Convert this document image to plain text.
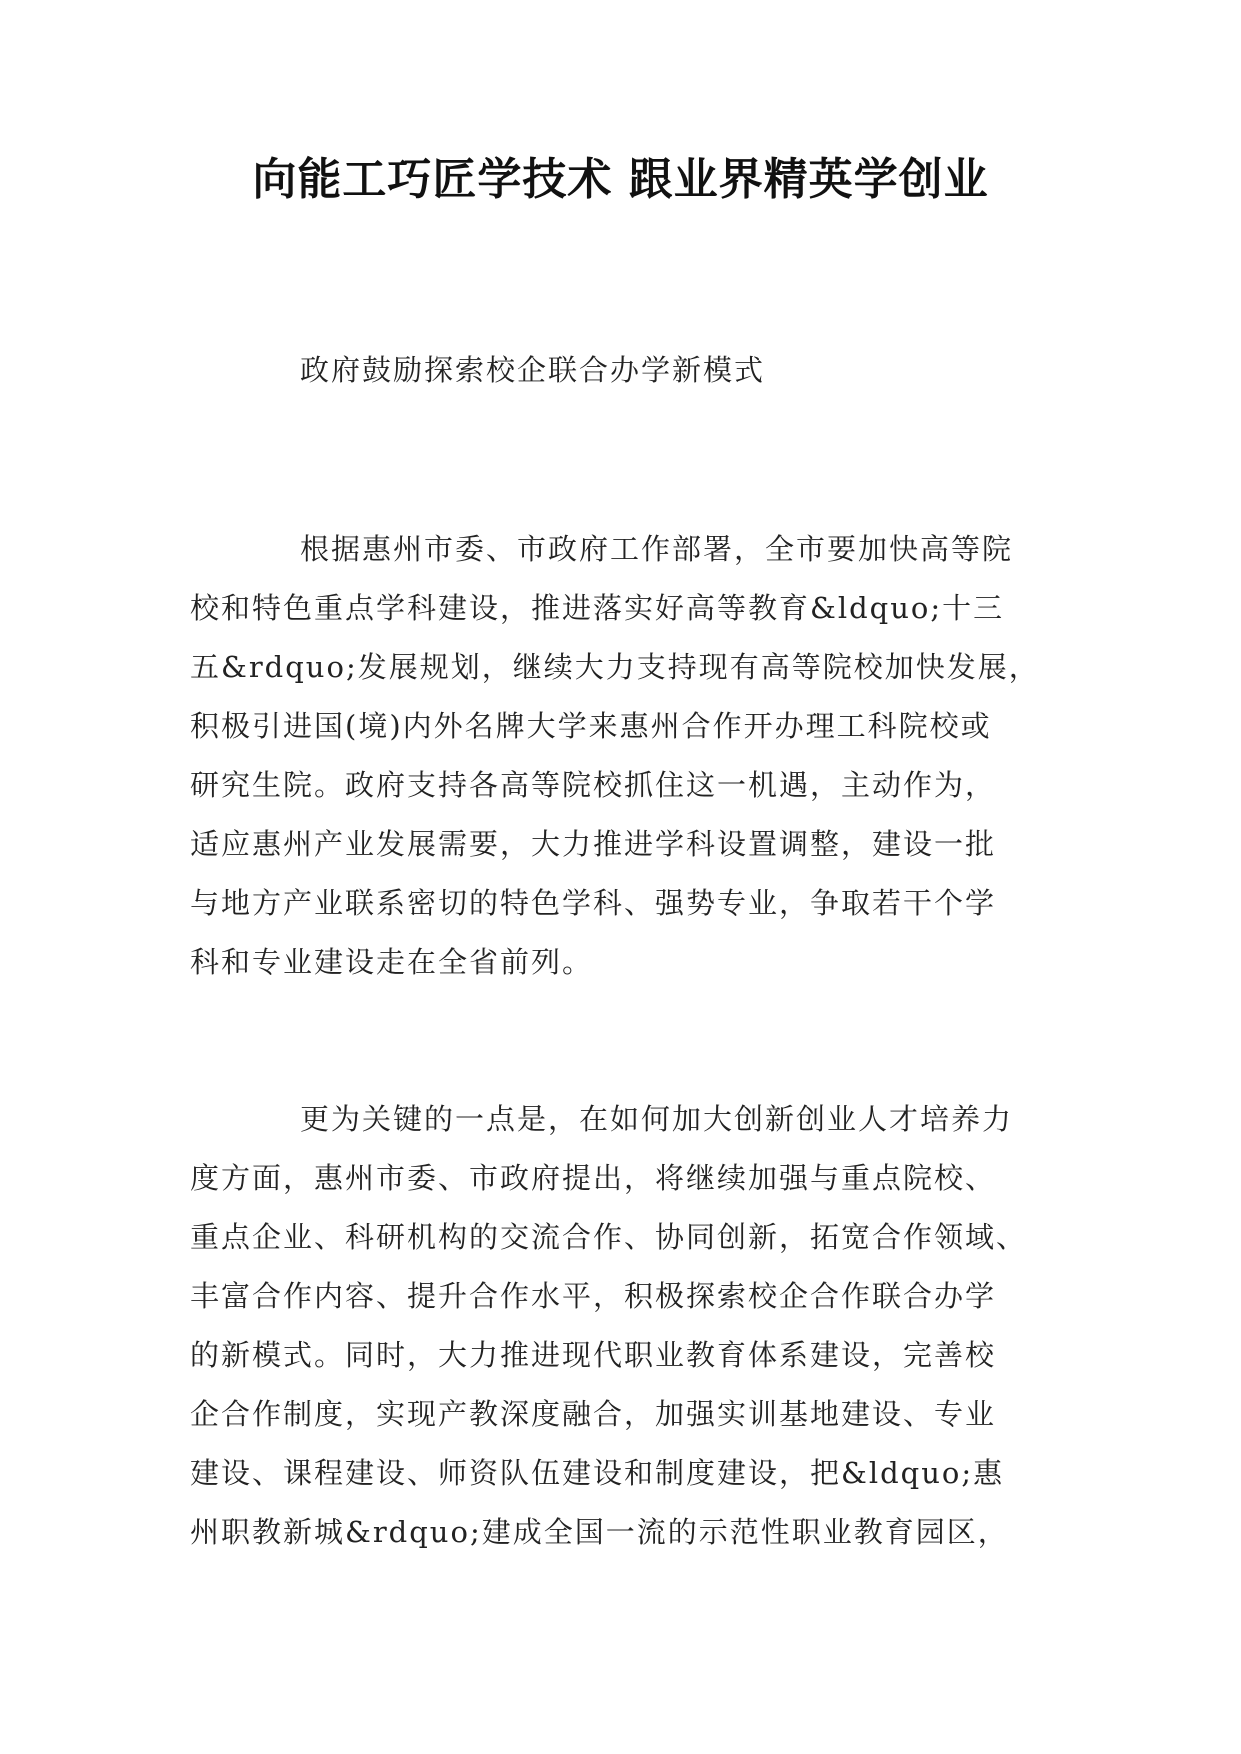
向能工巧匠学技术 跟业界精英学创业

政府鼓励探索校企联合办学新模式

根据惠州市委、市政府工作部署，全市要加快高等院
校和特色重点学科建设，推进落实好高等教育&ldquo;十三
五&rdquo;发展规划，继续大力支持现有高等院校加快发展，
积极引进国(境)内外名牌大学来惠州合作开办理工科院校或
研究生院。政府支持各高等院校抓住这一机遇，主动作为，
适应惠州产业发展需要，大力推进学科设置调整，建设一批
与地方产业联系密切的特色学科、强势专业，争取若干个学
科和专业建设走在全省前列。
更为关键的一点是，在如何加大创新创业人才培养力
度方面，惠州市委、市政府提出，将继续加强与重点院校、
重点企业、科研机构的交流合作、协同创新，拓宽合作领域、
丰富合作内容、提升合作水平，积极探索校企合作联合办学
的新模式。同时，大力推进现代职业教育体系建设，完善校
企合作制度，实现产教深度融合，加强实训基地建设、专业
建设、课程建设、师资队伍建设和制度建设，把&ldquo;惠
州职教新城&rdquo;建成全国一流的示范性职业教育园区，
